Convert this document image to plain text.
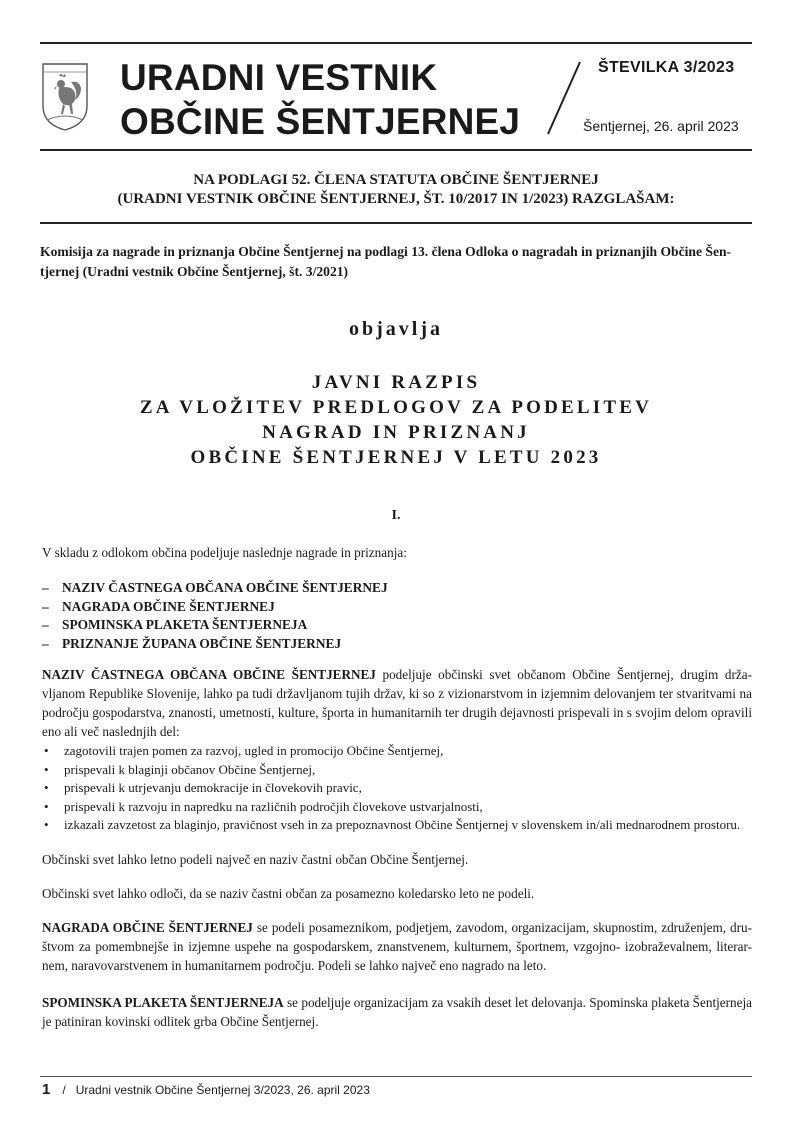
URADNI VESTNIK
OBČINE ŠENTJERNEJ
ŠTEVILKA 3/2023
Šentjernej, 26. april 2023
NA PODLAGI 52. ČLENA STATUTA OBČINE ŠENTJERNEJ
(URADNI VESTNIK OBČINE ŠENTJERNEJ, ŠT. 10/2017 IN 1/2023) RAZGLAŠAM:
Komisija za nagrade in priznanja Občine Šentjernej na podlagi 13. člena Odloka o nagradah in priznanjih Občine Šen-
tjernej (Uradni vestnik Občine Šentjernej, št. 3/2021)
objavlja
JAVNI RAZPIS
ZA VLOŽITEV PREDLOGOV ZA PODELITEV
NAGRAD IN PRIZNANJ
OBČINE ŠENTJERNEJ V LETU 2023
I.
V skladu z odlokom občina podeljuje naslednje nagrade in priznanja:
– NAZIV ČASTNEGA OBČANA OBČINE ŠENTJERNEJ
– NAGRADA OBČINE ŠENTJERNEJ
– SPOMINSKA PLAKETA ŠENTJERNEJA
– PRIZNANJE ŽUPANA OBČINE ŠENTJERNEJ
NAZIV ČASTNEGA OBČANA OBČINE ŠENTJERNEJ podeljuje občinski svet občanom Občine Šentjernej, drugim drža-vljanom Republike Slovenije, lahko pa tudi državljanom tujih držav, ki so z vizionarstvom in izjemnim delovanjem ter stvaritvami na področju gospodarstva, znanosti, umetnosti, kulture, športa in humanitarnih ter drugih dejavnosti prispevali in s svojim delom opravili eno ali več naslednjih del:
• zagotovili trajen pomen za razvoj, ugled in promocijo Občine Šentjernej,
• prispevali k blaginji občanov Občine Šentjernej,
• prispevali k utrjevanju demokracije in človekovih pravic,
• prispevali k razvoju in napredku na različnih področjih človekove ustvarjalnosti,
• izkazali zavzetost za blaginjo, pravičnost vseh in za prepoznavnost Občine Šentjernej v slovenskem in/ali mednarodnem prostoru.
Občinski svet lahko letno podeli največ en naziv častni občan Občine Šentjernej.
Občinski svet lahko odloči, da se naziv častni občan za posamezno koledarsko leto ne podeli.
NAGRADA OBČINE ŠENTJERNEJ se podeli posameznikom, podjetjem, zavodom, organizacijam, skupnostim, združenjem, dru-štvom za pomembnejše in izjemne uspehe na gospodarskem, znanstvenem, kulturnem, športnem, vzgojno- izobraževalnem, literar-nem, naravovarstvenem in humanitarnem področju. Podeli se lahko največ eno nagrado na leto.
SPOMINSKA PLAKETA ŠENTJERNEJA se podeljuje organizacijam za vsakih deset let delovanja. Spominska plaketa Šentjerneja je patiniran kovinski odlitek grba Občine Šentjernej.
1 / Uradni vestnik Občine Šentjernej 3/2023, 26. april 2023
